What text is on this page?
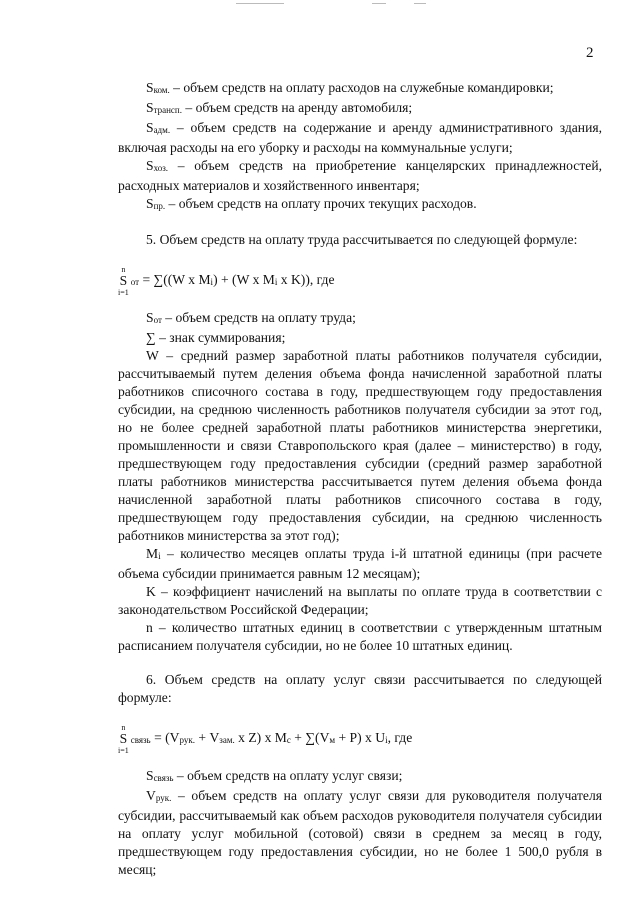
2

$S_{ком.}$ – объем средств на оплату расходов на служебные командировки;

$S_{трансп.}$ – объем средств на аренду автомобиля;

$S_{адм.}$ – объем средств на содержание и аренду административного здания, включая расходы на его уборку и расходы на коммунальные услуги;

$S_{хоз.}$ – объем средств на приобретение канцелярских принадлежностей, расходных материалов и хозяйственного инвентаря;

$S_{пр.}$ – объем средств на оплату прочих текущих расходов.

5. Объем средств на оплату труда рассчитывается по следующей формуле:

n
S
i=1
$_{от}$ = ∑((W x $M_i) + (W$ x $M_i$ x K)), где

$S_{от}$ – объем средств на оплату труда;

∑ – знак суммирования;

W – средний размер заработной платы работников получателя субсидии, рассчитываемый путем деления объема фонда начисленной заработной платы работников списочного состава в году, предшествующем году предоставления субсидии, на среднюю численность работников получателя субсидии за этот год, но не более средней заработной платы работников министерства энергетики, промышленности и связи Ставропольского края (далее – министерство) в году, предшествующем году предоставления субсидии (средний размер заработной платы работников министерства рассчитывается путем деления объема фонда начисленной заработной платы работников списочного состава в году, предшествующем году предоставления субсидии, на среднюю численность работников министерства за этот год);

$M_i$ – количество месяцев оплаты труда i-й штатной единицы (при расчете объема субсидии принимается равным 12 месяцам);

K – коэффициент начислений на выплаты по оплате труда в соответствии с законодательством Российской Федерации;

n – количество штатных единиц в соответствии с утвержденным штатным расписанием получателя субсидии, но не более 10 штатных единиц.

6. Объем средств на оплату услуг связи рассчитывается по следующей формуле:

n
S
i=1
$_{связь} = (V_{рук.} + V_{зам.}$ x Z) x $M_c + \sum(V_м + P)$ x $U_i$, где

$S_{связь}$ – объем средств на оплату услуг связи;

$V_{рук.}$ – объем средств на оплату услуг связи для руководителя получателя субсидии, рассчитываемый как объем расходов руководителя получателя субсидии на оплату услуг мобильной (сотовой) связи в среднем за месяц в году, предшествующем году предоставления субсидии, но не более 1 500,0 рубля в месяц;
